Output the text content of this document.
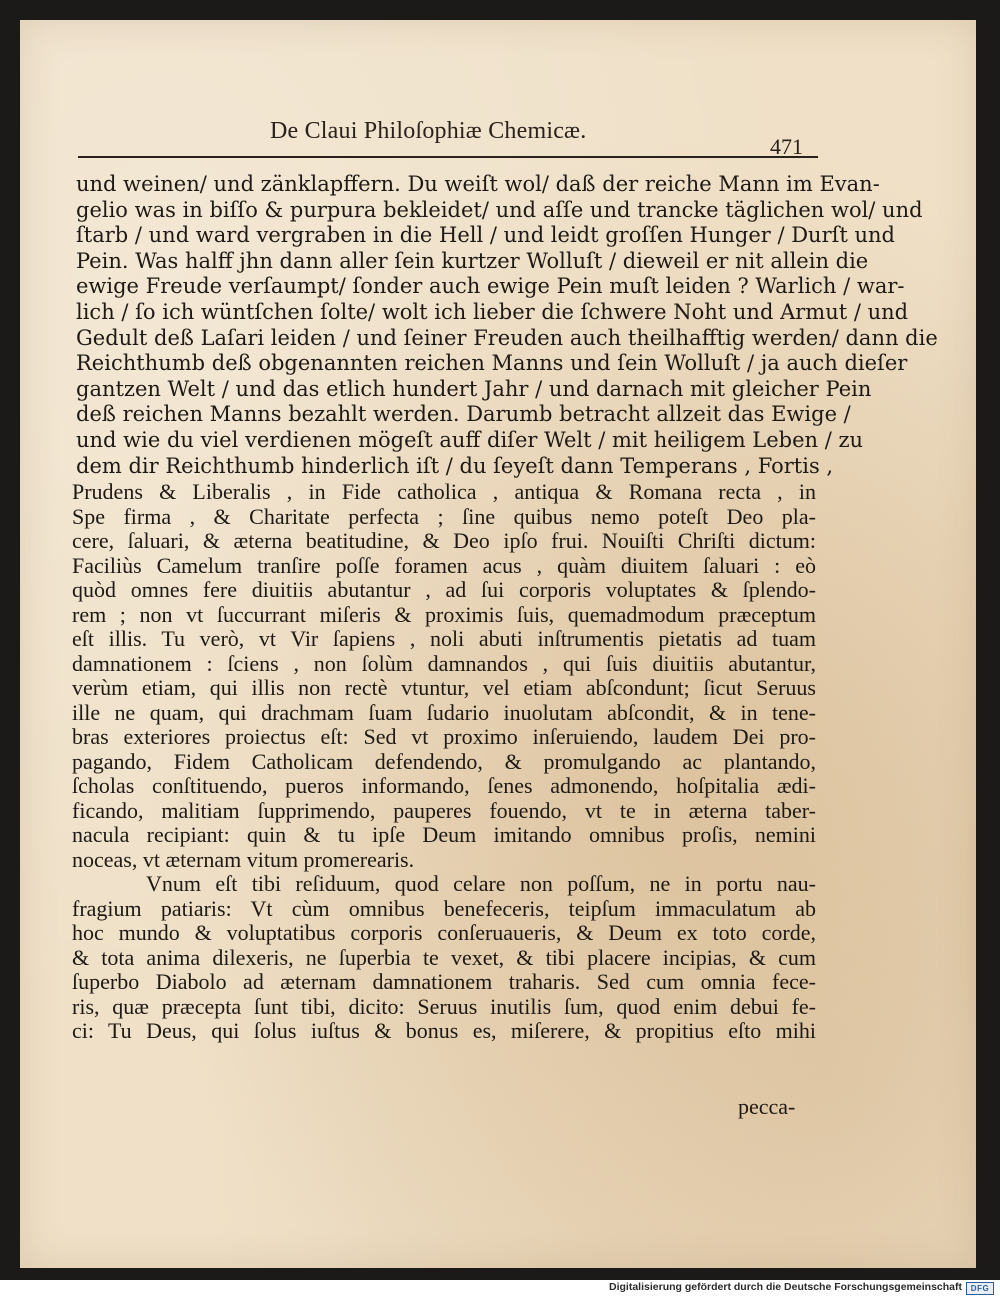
De Claui Philoſophiæ Chemicæ.
471
und weinen/ und zänklapffern. Du weiſt wol/ daß der reiche Mann im Evan-
gelio was in biſſo & purpura bekleidet/ und aſſe und trancke täglichen wol/ und
ſtarb / und ward vergraben in die Hell / und leidt groſſen Hunger / Durſt und
Pein. Was halff jhn dann aller ſein kurtzer Wolluſt / dieweil er nit allein die
ewige Freude verſaumpt/ ſonder auch ewige Pein muſt leiden ? Warlich / war-
lich / ſo ich wüntſchen ſolte/ wolt ich lieber die ſchwere Noht und Armut / und
Gedult deß Laſari leiden / und ſeiner Freuden auch theilhafftig werden/ dann die
Reichthumb deß obgenannten reichen Manns und ſein Wolluſt / ja auch dieſer
gantzen Welt / und das etlich hundert Jahr / und darnach mit gleicher Pein
deß reichen Manns bezahlt werden. Darumb betracht allzeit das Ewige /
und wie du viel verdienen mögeſt auff diſer Welt / mit heiligem Leben / zu
dem dir Reichthumb hinderlich iſt / du ſeyeſt dann Temperans , Fortis ,
Prudens & Liberalis , in Fide catholica , antiqua & Romana recta , in
Spe firma , & Charitate perfecta ; ſine quibus nemo poteſt Deo pla-
cere, ſaluari, & æterna beatitudine, & Deo ipſo frui. Nouiſti Chriſti dictum:
Faciliùs Camelum tranſire poſſe foramen acus , quàm diuitem ſaluari : eò
quòd omnes fere diuitiis abutantur , ad ſui corporis voluptates & ſplendo-
rem ; non vt ſuccurrant miſeris & proximis ſuis, quemadmodum præceptum
eſt illis. Tu verò, vt Vir ſapiens , noli abuti inſtrumentis pietatis ad tuam
damnationem : ſciens , non ſolùm damnandos , qui ſuis diuitiis abutantur,
verùm etiam, qui illis non rectè vtuntur, vel etiam abſcondunt; ſicut Seruus
ille ne quam, qui drachmam ſuam ſudario inuolutam abſcondit, & in tene-
bras exteriores proiectus eſt: Sed vt proximo inſeruiendo, laudem Dei pro-
pagando, Fidem Catholicam defendendo, & promulgando ac plantando,
ſcholas conſtituendo, pueros informando, ſenes admonendo, hoſpitalia ædi-
ficando, malitiam ſupprimendo, pauperes fouendo, vt te in æterna taber-
nacula recipiant: quin & tu ipſe Deum imitando omnibus proſis, nemini
noceas, vt æternam vitum promerearis.
Vnum eſt tibi reſiduum, quod celare non poſſum, ne in portu nau-
fragium patiaris: Vt cùm omnibus benefeceris, teipſum immaculatum ab
hoc mundo & voluptatibus corporis conſeruaueris, & Deum ex toto corde,
& tota anima dilexeris, ne ſuperbia te vexet, & tibi placere incipias, & cum
ſuperbo Diabolo ad æternam damnationem traharis. Sed cum omnia fece-
ris, quæ præcepta ſunt tibi, dicito: Seruus inutilis ſum, quod enim debui fe-
ci: Tu Deus, qui ſolus iuſtus & bonus es, miſerere, & propitius eſto mihi
pecca-
Digitalisierung gefördert durch die Deutsche Forschungsgemeinschaft	DFG
